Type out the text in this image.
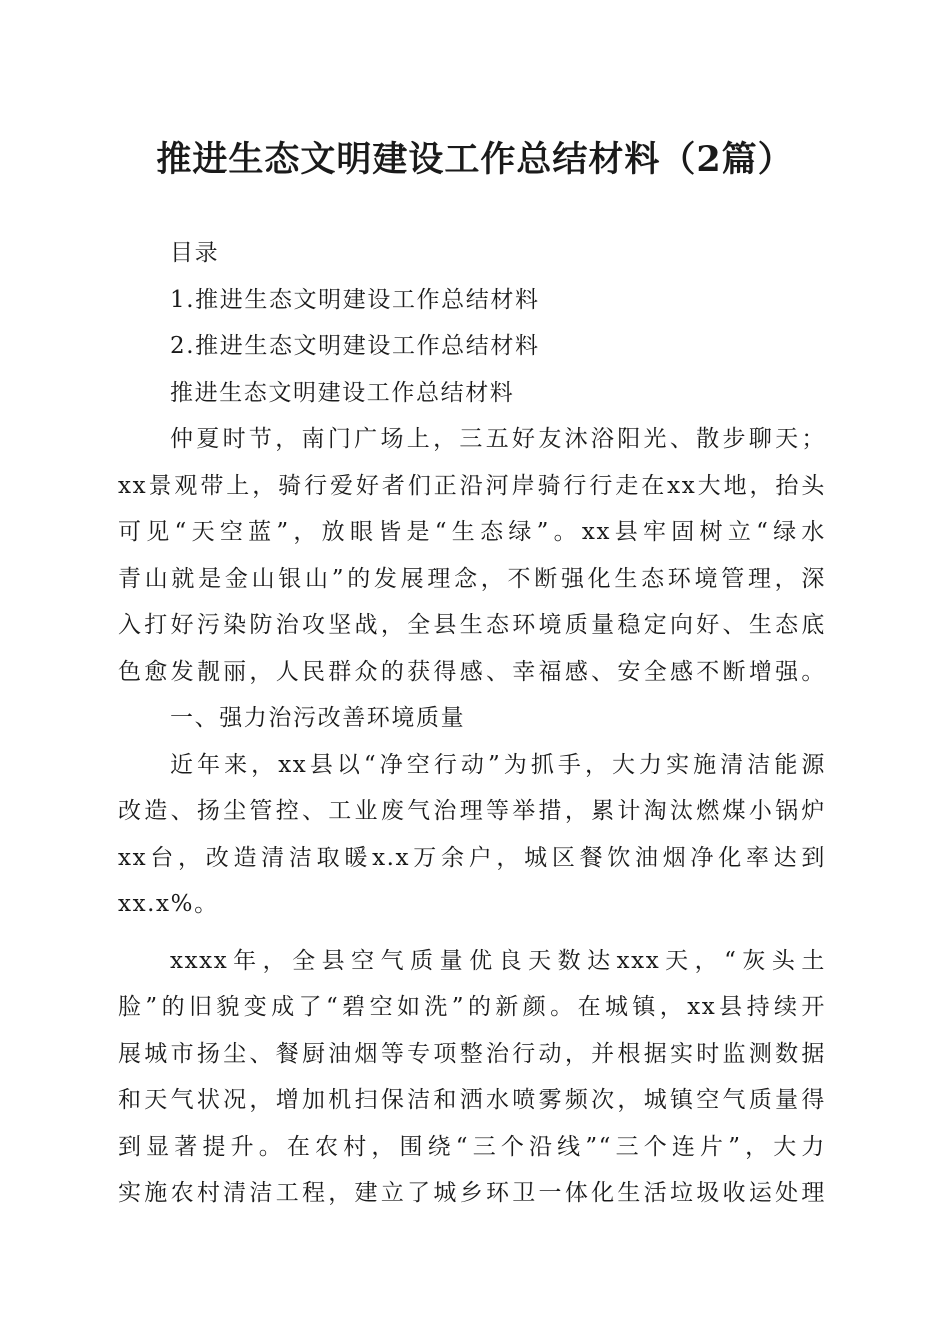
推进生态文明建设工作总结材料（2篇）
目录
1.推进生态文明建设工作总结材料
2.推进生态文明建设工作总结材料
推进生态文明建设工作总结材料
仲夏时节，南门广场上，三五好友沐浴阳光、散步聊天；
xx景观带上，骑行爱好者们正沿河岸骑行行走在xx大地，抬头
可见“天空蓝”，放眼皆是“生态绿”。xx县牢固树立“绿水
青山就是金山银山”的发展理念，不断强化生态环境管理，深
入打好污染防治攻坚战，全县生态环境质量稳定向好、生态底
色愈发靓丽，人民群众的获得感、幸福感、安全感不断增强。
一、强力治污改善环境质量
近年来，xx县以“净空行动”为抓手，大力实施清洁能源
改造、扬尘管控、工业废气治理等举措，累计淘汰燃煤小锅炉
xx台，改造清洁取暖x.x万余户，城区餐饮油烟净化率达到
xx.x%。
xxxx年，全县空气质量优良天数达xxx天，“灰头土
脸”的旧貌变成了“碧空如洗”的新颜。在城镇，xx县持续开
展城市扬尘、餐厨油烟等专项整治行动，并根据实时监测数据
和天气状况，增加机扫保洁和洒水喷雾频次，城镇空气质量得
到显著提升。在农村，围绕“三个沿线”“三个连片”，大力
实施农村清洁工程，建立了城乡环卫一体化生活垃圾收运处理
